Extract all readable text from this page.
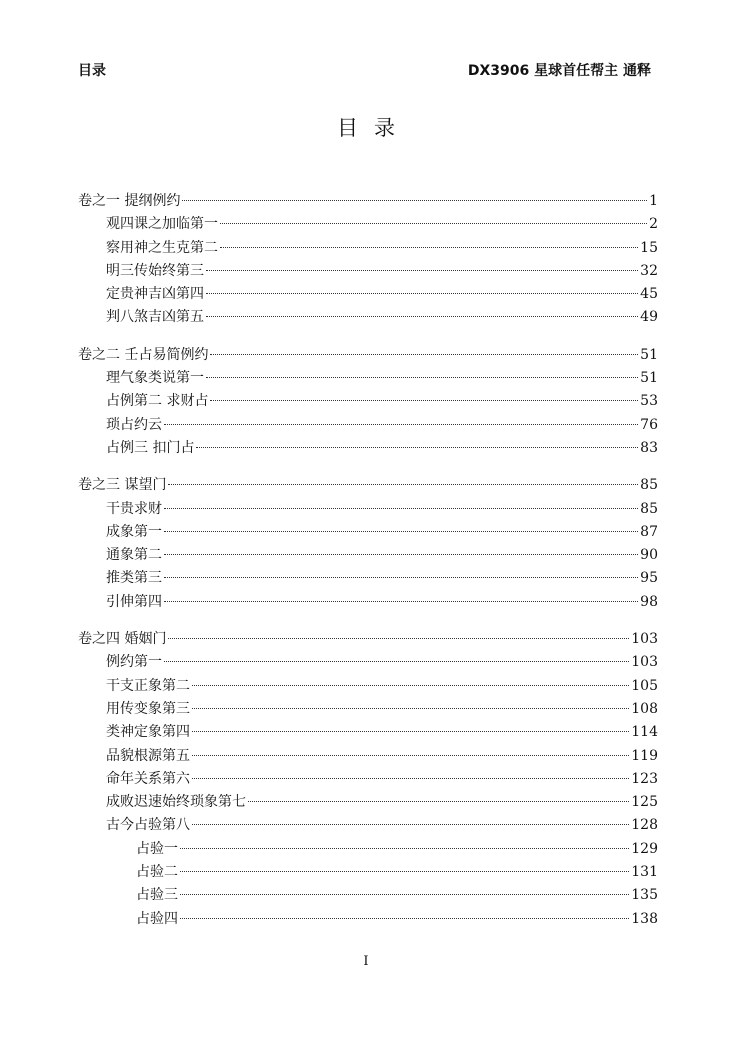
目录	DX3906 星球首任帮主 通释
目录
卷之一 提纲例约	1
观四课之加临第一	2
察用神之生克第二	15
明三传始终第三	32
定贵神吉凶第四	45
判八煞吉凶第五	49
卷之二 壬占易简例约	51
理气象类说第一	51
占例第二 求财占	53
琐占约云	76
占例三 扣门占	83
卷之三 谋望门	85
干贵求财	85
成象第一	87
通象第二	90
推类第三	95
引伸第四	98
卷之四 婚姻门	103
例约第一	103
干支正象第二	105
用传变象第三	108
类神定象第四	114
品貌根源第五	119
命年关系第六	123
成败迟速始终琐象第七	125
古今占验第八	128
占验一	129
占验二	131
占验三	135
占验四	138
I
